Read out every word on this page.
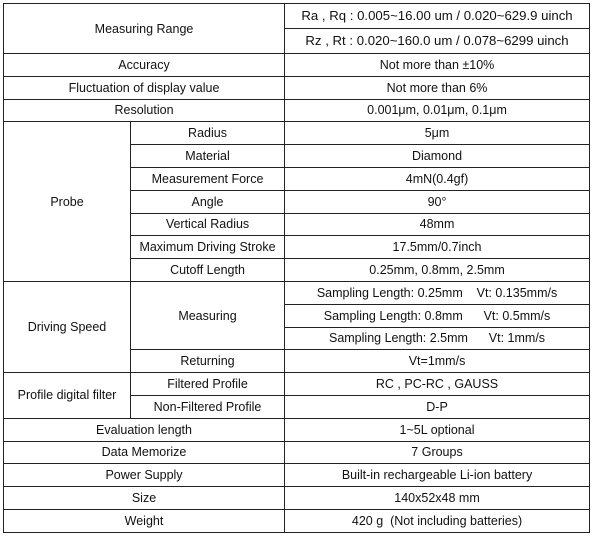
Measuring Range		Ra , Rq : 0.005~16.00 um / 0.020~629.9 uinch
		Rz , Rt : 0.020~160.0 um / 0.078~6299 uinch
Accuracy		Not more than ±10%
Fluctuation of display value		Not more than 6%
Resolution		0.001μm, 0.01μm, 0.1μm
Probe	Radius	5μm
	Material	Diamond
	Measurement Force	4mN(0.4gf)
	Angle	90°
	Vertical Radius	48mm
	Maximum Driving Stroke	17.5mm/0.7inch
	Cutoff Length	0.25mm, 0.8mm, 2.5mm
Driving Speed	Measuring	Sampling Length: 0.25mm    Vt: 0.135mm/s
		Sampling Length: 0.8mm      Vt: 0.5mm/s
		Sampling Length: 2.5mm      Vt: 1mm/s
	Returning	Vt=1mm/s
Profile digital filter	Filtered Profile	RC , PC-RC , GAUSS
	Non-Filtered Profile	D-P
Evaluation length		1~5L optional
Data Memorize		7 Groups
Power Supply		Built-in rechargeable Li-ion battery
Size		140x52x48 mm
Weight		420 g  (Not including batteries)
